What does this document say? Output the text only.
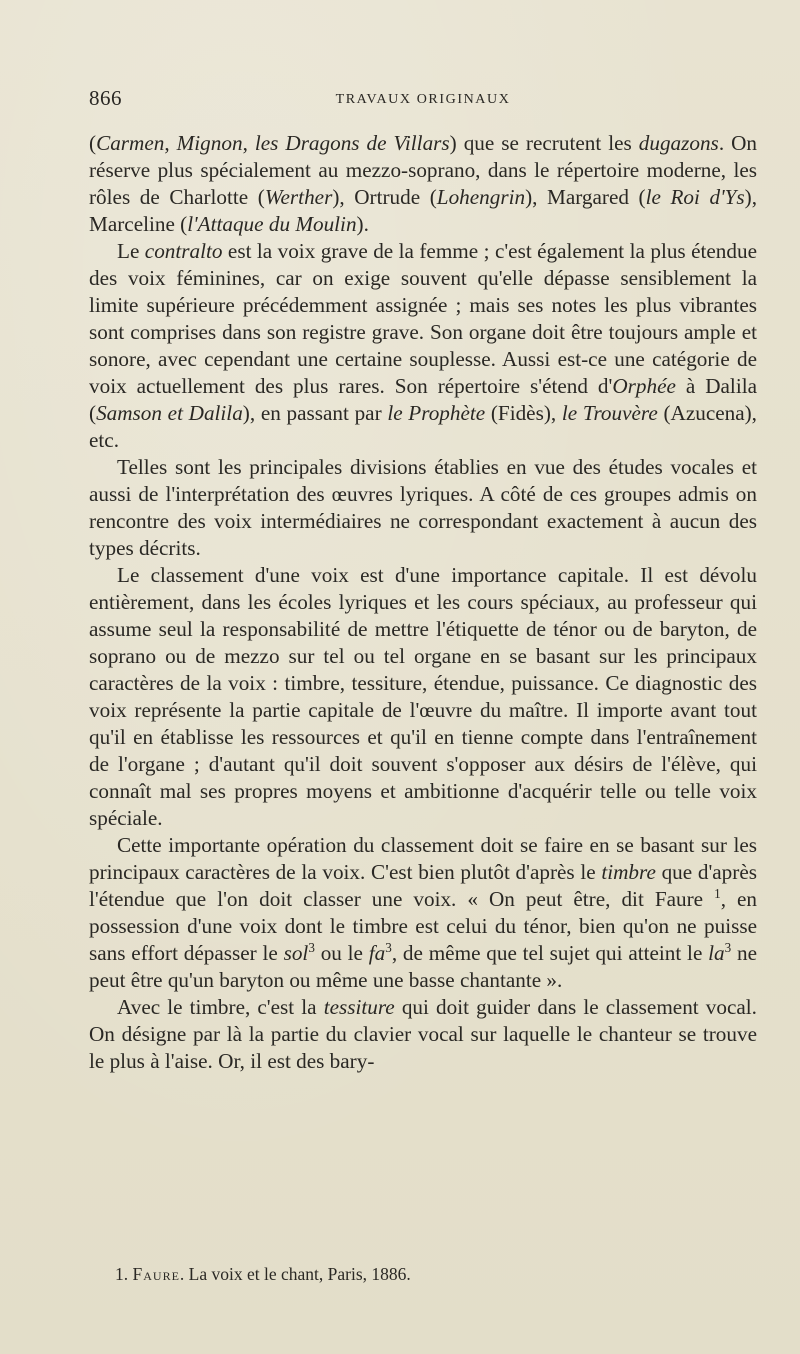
866	TRAVAUX ORIGINAUX

(Carmen, Mignon, les Dragons de Villars) que se recrutent les dugazons. On réserve plus spécialement au mezzo-soprano, dans le répertoire moderne, les rôles de Charlotte (Werther), Ortrude (Lohengrin), Margared (le Roi d'Ys), Marceline (l'Attaque du Moulin).

Le contralto est la voix grave de la femme ; c'est également la plus étendue des voix féminines, car on exige souvent qu'elle dépasse sensiblement la limite supérieure précédemment assignée ; mais ses notes les plus vibrantes sont comprises dans son registre grave. Son organe doit être toujours ample et sonore, avec cependant une certaine souplesse. Aussi est-ce une catégorie de voix actuellement des plus rares. Son répertoire s'étend d'Orphée à Dalila (Samson et Dalila), en passant par le Prophète (Fidès), le Trouvère (Azucena), etc.

Telles sont les principales divisions établies en vue des études vocales et aussi de l'interprétation des œuvres lyriques. A côté de ces groupes admis on rencontre des voix intermédiaires ne correspondant exactement à aucun des types décrits.

Le classement d'une voix est d'une importance capitale. Il est dévolu entièrement, dans les écoles lyriques et les cours spéciaux, au professeur qui assume seul la responsabilité de mettre l'étiquette de ténor ou de baryton, de soprano ou de mezzo sur tel ou tel organe en se basant sur les principaux caractères de la voix : timbre, tessiture, étendue, puissance. Ce diagnostic des voix représente la partie capitale de l'œuvre du maître. Il importe avant tout qu'il en établisse les ressources et qu'il en tienne compte dans l'entraînement de l'organe ; d'autant qu'il doit souvent s'opposer aux désirs de l'élève, qui connaît mal ses propres moyens et ambitionne d'acquérir telle ou telle voix spéciale.

Cette importante opération du classement doit se faire en se basant sur les principaux caractères de la voix. C'est bien plutôt d'après le timbre que d'après l'étendue que l'on doit classer une voix. « On peut être, dit Faure $^1$, en possession d'une voix dont le timbre est celui du ténor, bien qu'on ne puisse sans effort dépasser le sol$^3$ ou le $fa^3$, de même que tel sujet qui atteint le $la^3$ ne peut être qu'un baryton ou même une basse chantante ».

Avec le timbre, c'est la tessiture qui doit guider dans le classement vocal. On désigne par là la partie du clavier vocal sur laquelle le chanteur se trouve le plus à l'aise. Or, il est des bary-

1. Faure. La voix et le chant, Paris, 1886.
